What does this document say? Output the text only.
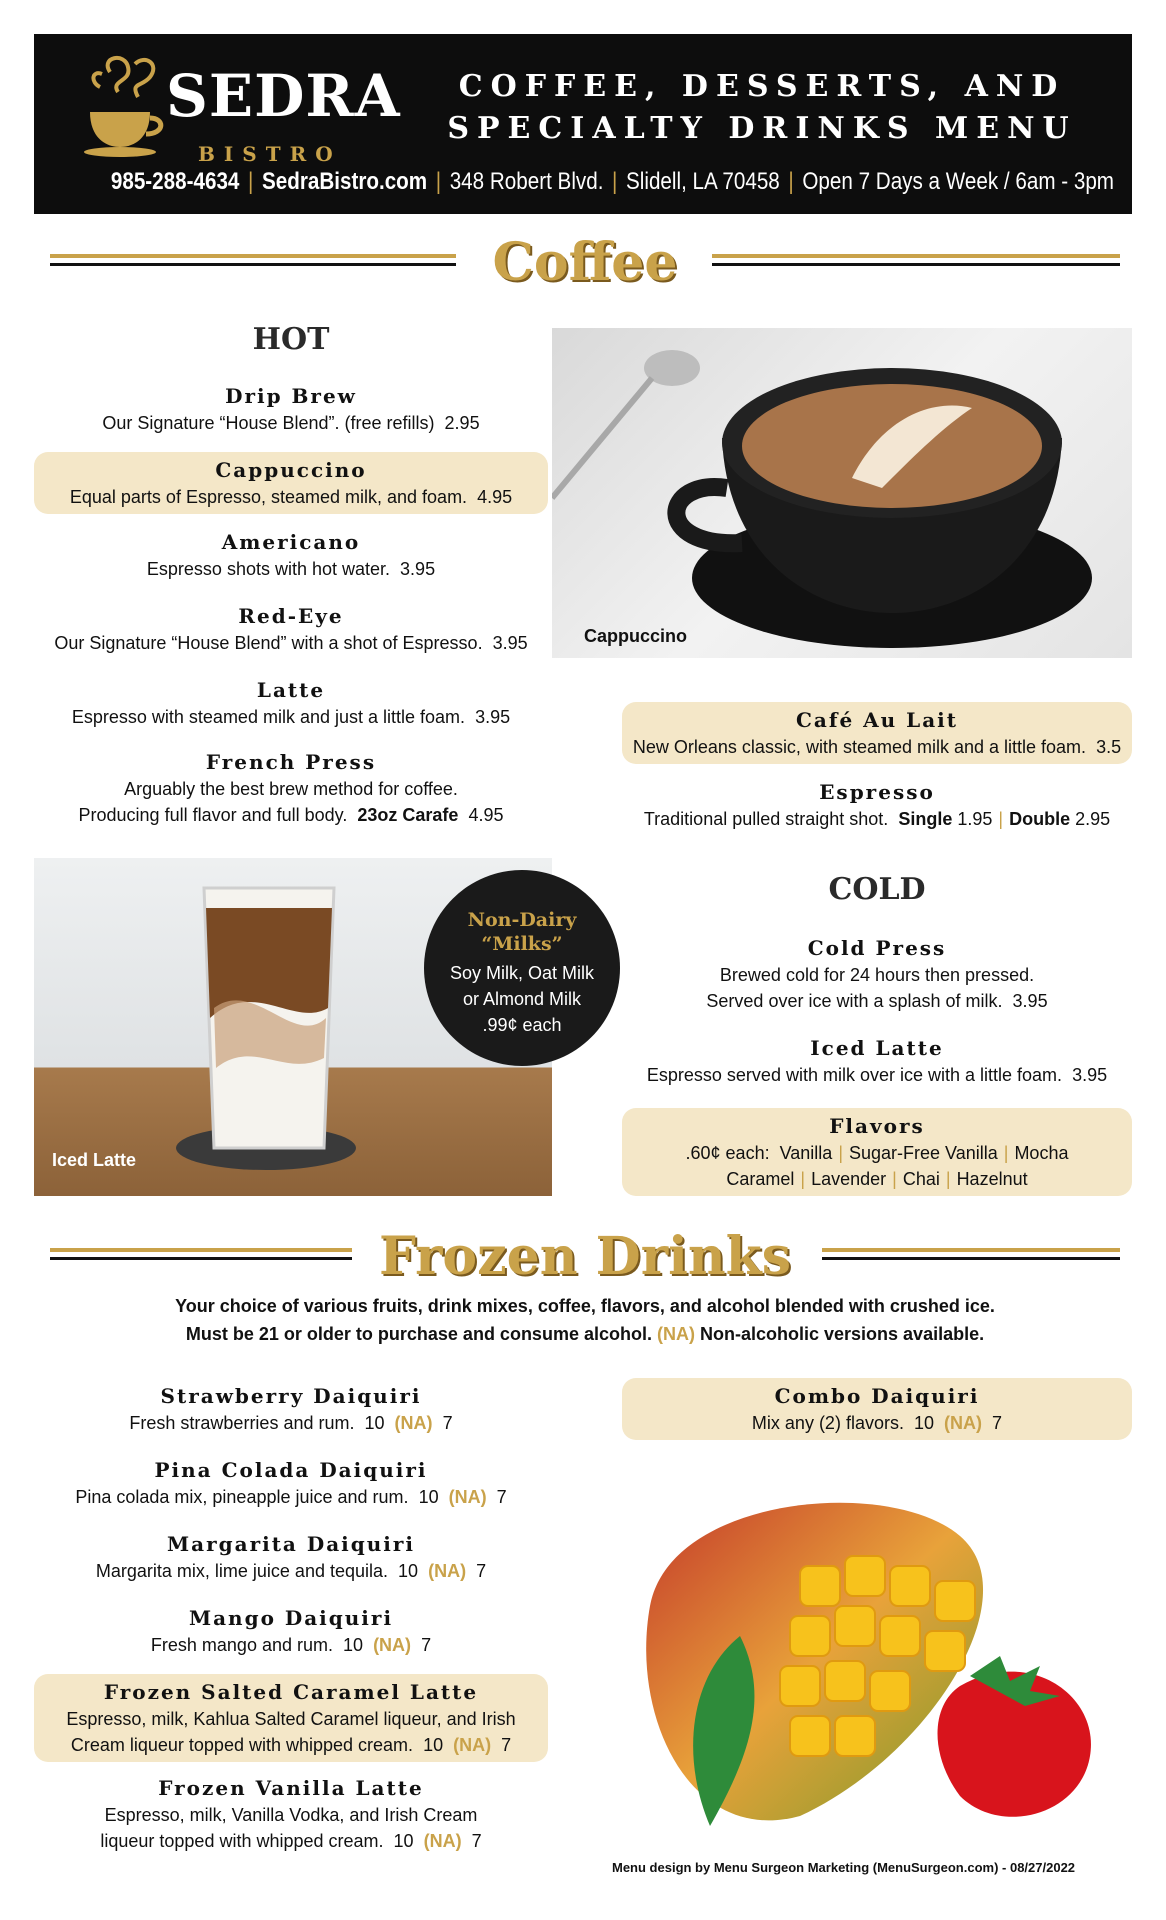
SEDRA
BISTRO
COFFEE, DESSERTS, AND
SPECIALTY DRINKS MENU
985-288-4634 | SedraBistro.com | 348 Robert Blvd. | Slidell, LA 70458 | Open 7 Days a Week / 6am - 3pm
Coffee
HOT
Drip Brew
Our Signature “House Blend”. (free refills) 2.95
Cappuccino
Equal parts of Espresso, steamed milk, and foam. 4.95
Americano
Espresso shots with hot water. 3.95
Red-Eye
Our Signature “House Blend” with a shot of Espresso. 3.95
Latte
Espresso with steamed milk and just a little foam. 3.95
French Press
Arguably the best brew method for coffee.
Producing full flavor and full body. 23oz Carafe 4.95
Cappuccino
Café Au Lait
New Orleans classic, with steamed milk and a little foam. 3.5
Espresso
Traditional pulled straight shot. Single 1.95 | Double 2.95
Iced Latte
Non-Dairy
“Milks”
Soy Milk, Oat Milk
or Almond Milk
.99¢ each
COLD
Cold Press
Brewed cold for 24 hours then pressed.
Served over ice with a splash of milk. 3.95
Iced Latte
Espresso served with milk over ice with a little foam. 3.95
Flavors
.60¢ each: Vanilla | Sugar-Free Vanilla | Mocha
Caramel | Lavender | Chai | Hazelnut
Frozen Drinks
Your choice of various fruits, drink mixes, coffee, flavors, and alcohol blended with crushed ice.
Must be 21 or older to purchase and consume alcohol. (NA) Non-alcoholic versions available.
Strawberry Daiquiri
Fresh strawberries and rum. 10 (NA) 7
Pina Colada Daiquiri
Pina colada mix, pineapple juice and rum. 10 (NA) 7
Margarita Daiquiri
Margarita mix, lime juice and tequila. 10 (NA) 7
Mango Daiquiri
Fresh mango and rum. 10 (NA) 7
Frozen Salted Caramel Latte
Espresso, milk, Kahlua Salted Caramel liqueur, and Irish
Cream liqueur topped with whipped cream. 10 (NA) 7
Frozen Vanilla Latte
Espresso, milk, Vanilla Vodka, and Irish Cream
liqueur topped with whipped cream. 10 (NA) 7
Combo Daiquiri
Mix any (2) flavors. 10 (NA) 7
Menu design by Menu Surgeon Marketing (MenuSurgeon.com) - 08/27/2022
